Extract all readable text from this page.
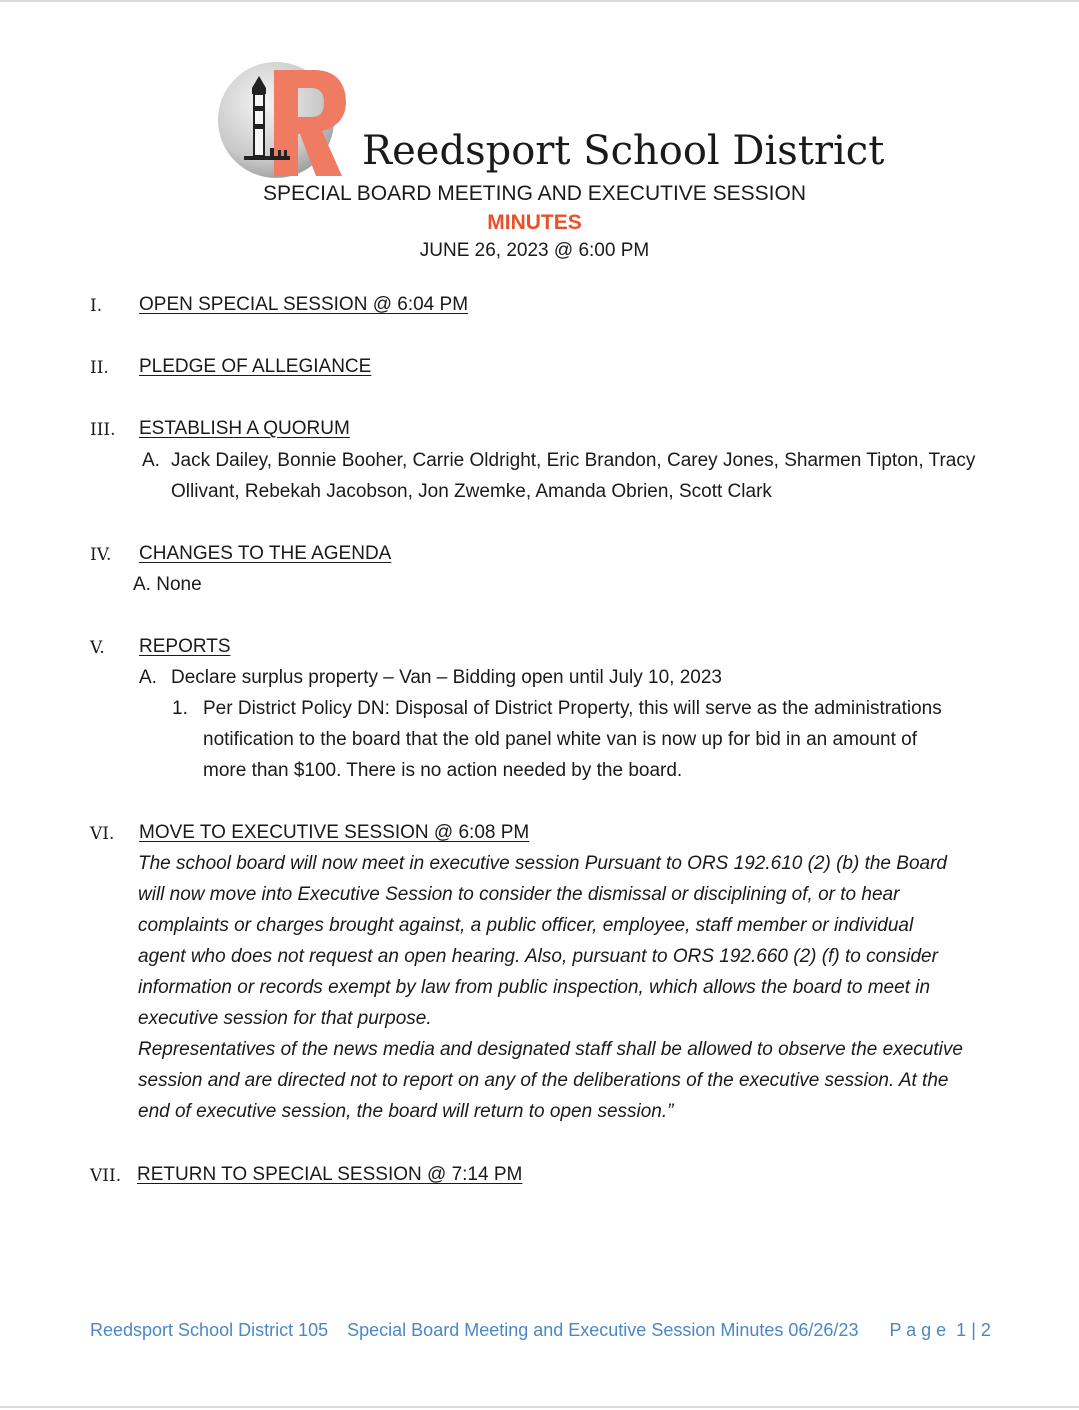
Reedsport School District
SPECIAL BOARD MEETING AND EXECUTIVE SESSION
MINUTES
JUNE 26, 2023 @ 6:00 PM
I. OPEN SPECIAL SESSION @ 6:04 PM
II. PLEDGE OF ALLEGIANCE
III. ESTABLISH A QUORUM
A. Jack Dailey, Bonnie Booher, Carrie Oldright, Eric Brandon, Carey Jones, Sharmen Tipton, Tracy
Ollivant, Rebekah Jacobson, Jon Zwemke, Amanda Obrien, Scott Clark
IV. CHANGES TO THE AGENDA
A. None
V. REPORTS
A. Declare surplus property – Van – Bidding open until July 10, 2023
1. Per District Policy DN: Disposal of District Property, this will serve as the administrations
notification to the board that the old panel white van is now up for bid in an amount of
more than $100. There is no action needed by the board.
VI. MOVE TO EXECUTIVE SESSION @ 6:08 PM
The school board will now meet in executive session Pursuant to ORS 192.610 (2) (b) the Board
will now move into Executive Session to consider the dismissal or disciplining of, or to hear
complaints or charges brought against, a public officer, employee, staff member or individual
agent who does not request an open hearing. Also, pursuant to ORS 192.660 (2) (f) to consider
information or records exempt by law from public inspection, which allows the board to meet in
executive session for that purpose.
Representatives of the news media and designated staff shall be allowed to observe the executive
session and are directed not to report on any of the deliberations of the executive session. At the
end of executive session, the board will return to open session.”
VII. RETURN TO SPECIAL SESSION @ 7:14 PM
Reedsport School District 105 Special Board Meeting and Executive Session Minutes 06/26/23 P a g e  1 | 2
